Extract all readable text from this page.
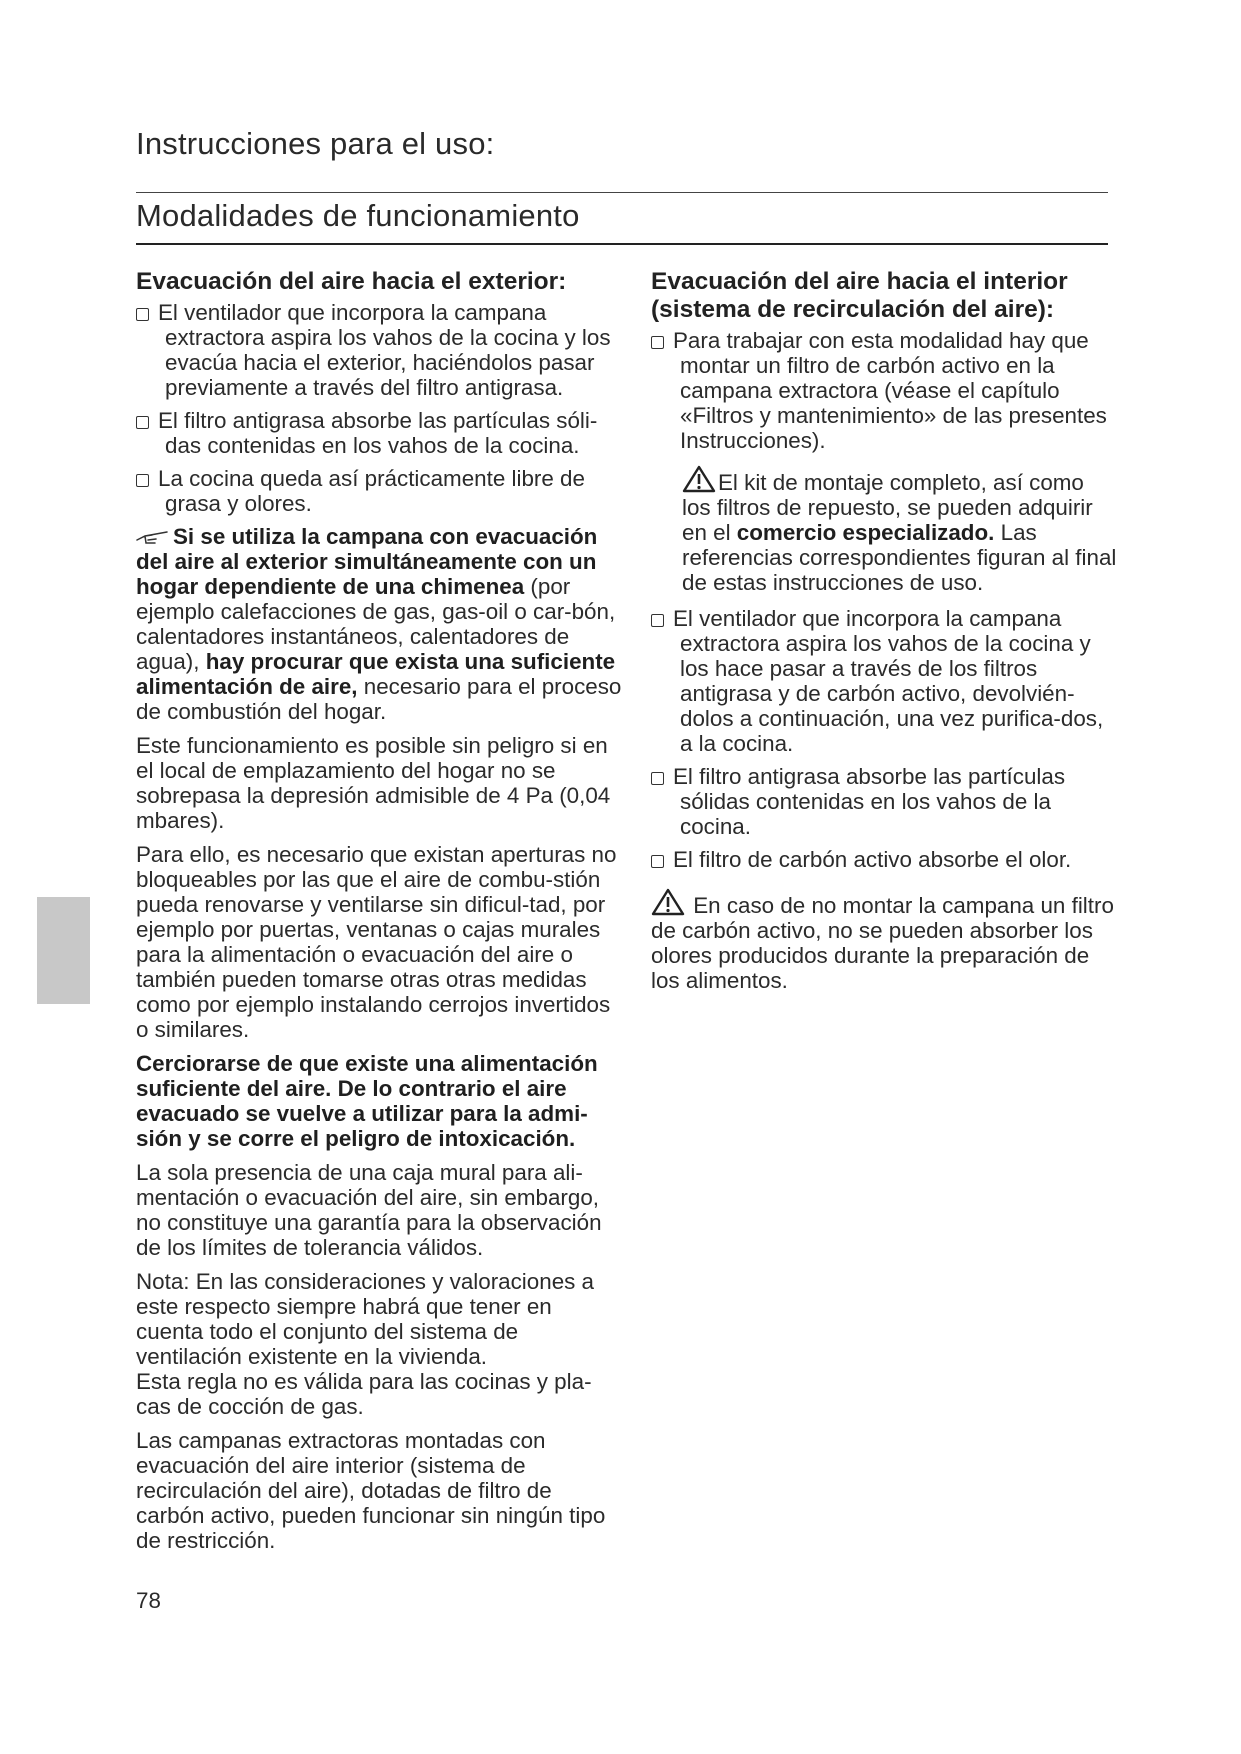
Instrucciones para el uso:
Modalidades de funcionamiento
Evacuación del aire hacia el exterior:
El ventilador que incorpora la campana extractora aspira los vahos de la cocina y los evacúa hacia el exterior, haciéndolos pasar previamente a través del filtro antigrasa.
El filtro antigrasa absorbe las partículas sóli-das contenidas en los vahos de la cocina.
La cocina queda así prácticamente libre de grasa y olores.

Si se utiliza la campana con evacuación del aire al exterior simultáneamente con un hogar dependiente de una chimenea (por ejemplo calefacciones de gas, gas-oil o car-bón, calentadores instantáneos, calentadores de agua), hay procurar que exista una suficiente alimentación de aire, necesario para el proceso de combustión del hogar.

Este funcionamiento es posible sin peligro si en el local de emplazamiento del hogar no se sobrepasa la depresión admisible de 4 Pa (0,04 mbares).

Para ello, es necesario que existan aperturas no bloqueables por las que el aire de combu-stión pueda renovarse y ventilarse sin dificul-tad, por ejemplo por puertas, ventanas o cajas murales para la alimentación o evacuación del aire o también pueden tomarse otras otras medidas como por ejemplo instalando cerrojos invertidos o similares.

Cerciorarse de que existe una alimentación suficiente del aire. De lo contrario el aire evacuado se vuelve a utilizar para la admi-sión y se corre el peligro de intoxicación.

La sola presencia de una caja mural para ali-mentación o evacuación del aire, sin embargo, no constituye una garantía para la observación de los límites de tolerancia válidos.

Nota: En las consideraciones y valoraciones a este respecto siempre habrá que tener en cuenta todo el conjunto del sistema de ventilación existente en la vivienda.

Esta regla no es válida para las cocinas y pla-cas de cocción de gas.

Las campanas extractoras montadas con evacuación del aire interior (sistema de recirculación del aire), dotadas de filtro de carbón activo, pueden funcionar sin ningún tipo de restricción.

Evacuación del aire hacia el interior (sistema de recirculación del aire):
Para trabajar con esta modalidad hay que montar un filtro de carbón activo en la campana extractora (véase el capítulo «Filtros y mantenimiento» de las presentes Instrucciones).
El kit de montaje completo, así como los filtros de repuesto, se pueden adquirir en el comercio especializado. Las referencias correspondientes figuran al final de estas instrucciones de uso.
El ventilador que incorpora la campana extractora aspira los vahos de la cocina y los hace pasar a través de los filtros antigrasa y de carbón activo, devolvién-dolos a continuación, una vez purifica-dos, a la cocina.
El filtro antigrasa absorbe las partículas sólidas contenidas en los vahos de la cocina.
El filtro de carbón activo absorbe el olor.

En caso de no montar la campana un filtro de carbón activo, no se pueden absorber los olores producidos durante la preparación de los alimentos.

78
